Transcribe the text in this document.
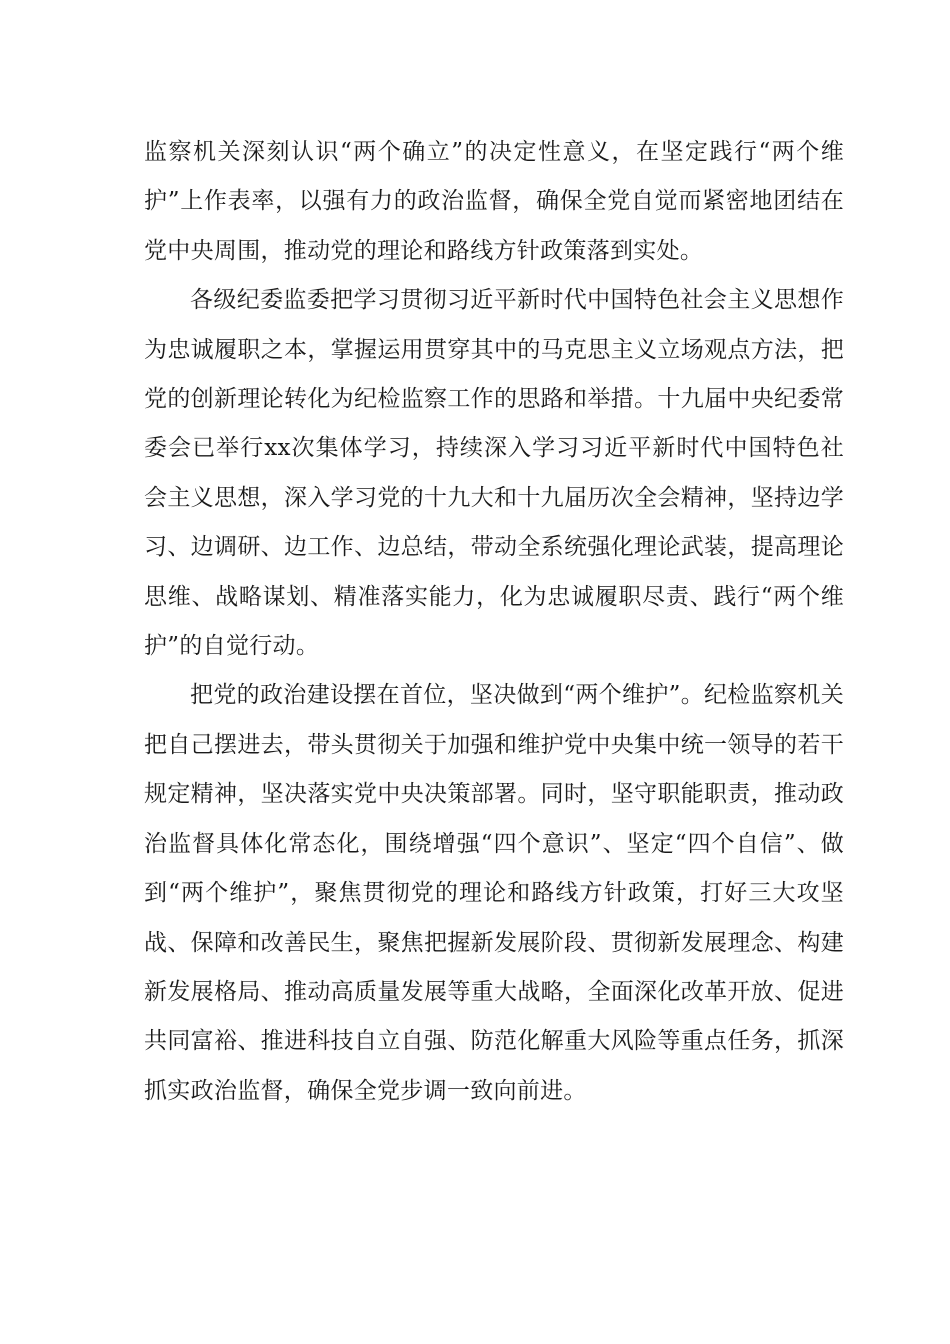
监察机关深刻认识“两个确立”的决定性意义，在坚定践行“两个维护”上作表率，以强有力的政治监督，确保全党自觉而紧密地团结在党中央周围，推动党的理论和路线方针政策落到实处。

各级纪委监委把学习贯彻习近平新时代中国特色社会主义思想作为忠诚履职之本，掌握运用贯穿其中的马克思主义立场观点方法，把党的创新理论转化为纪检监察工作的思路和举措。十九届中央纪委常委会已举行xx次集体学习，持续深入学习习近平新时代中国特色社会主义思想，深入学习党的十九大和十九届历次全会精神，坚持边学习、边调研、边工作、边总结，带动全系统强化理论武装，提高理论思维、战略谋划、精准落实能力，化为忠诚履职尽责、践行“两个维护”的自觉行动。

把党的政治建设摆在首位，坚决做到“两个维护”。纪检监察机关把自己摆进去，带头贯彻关于加强和维护党中央集中统一领导的若干规定精神，坚决落实党中央决策部署。同时，坚守职能职责，推动政治监督具体化常态化，围绕增强“四个意识”、坚定“四个自信”、做到“两个维护”，聚焦贯彻党的理论和路线方针政策，打好三大攻坚战、保障和改善民生，聚焦把握新发展阶段、贯彻新发展理念、构建新发展格局、推动高质量发展等重大战略，全面深化改革开放、促进共同富裕、推进科技自立自强、防范化解重大风险等重点任务，抓深抓实政治监督，确保全党步调一致向前进。
